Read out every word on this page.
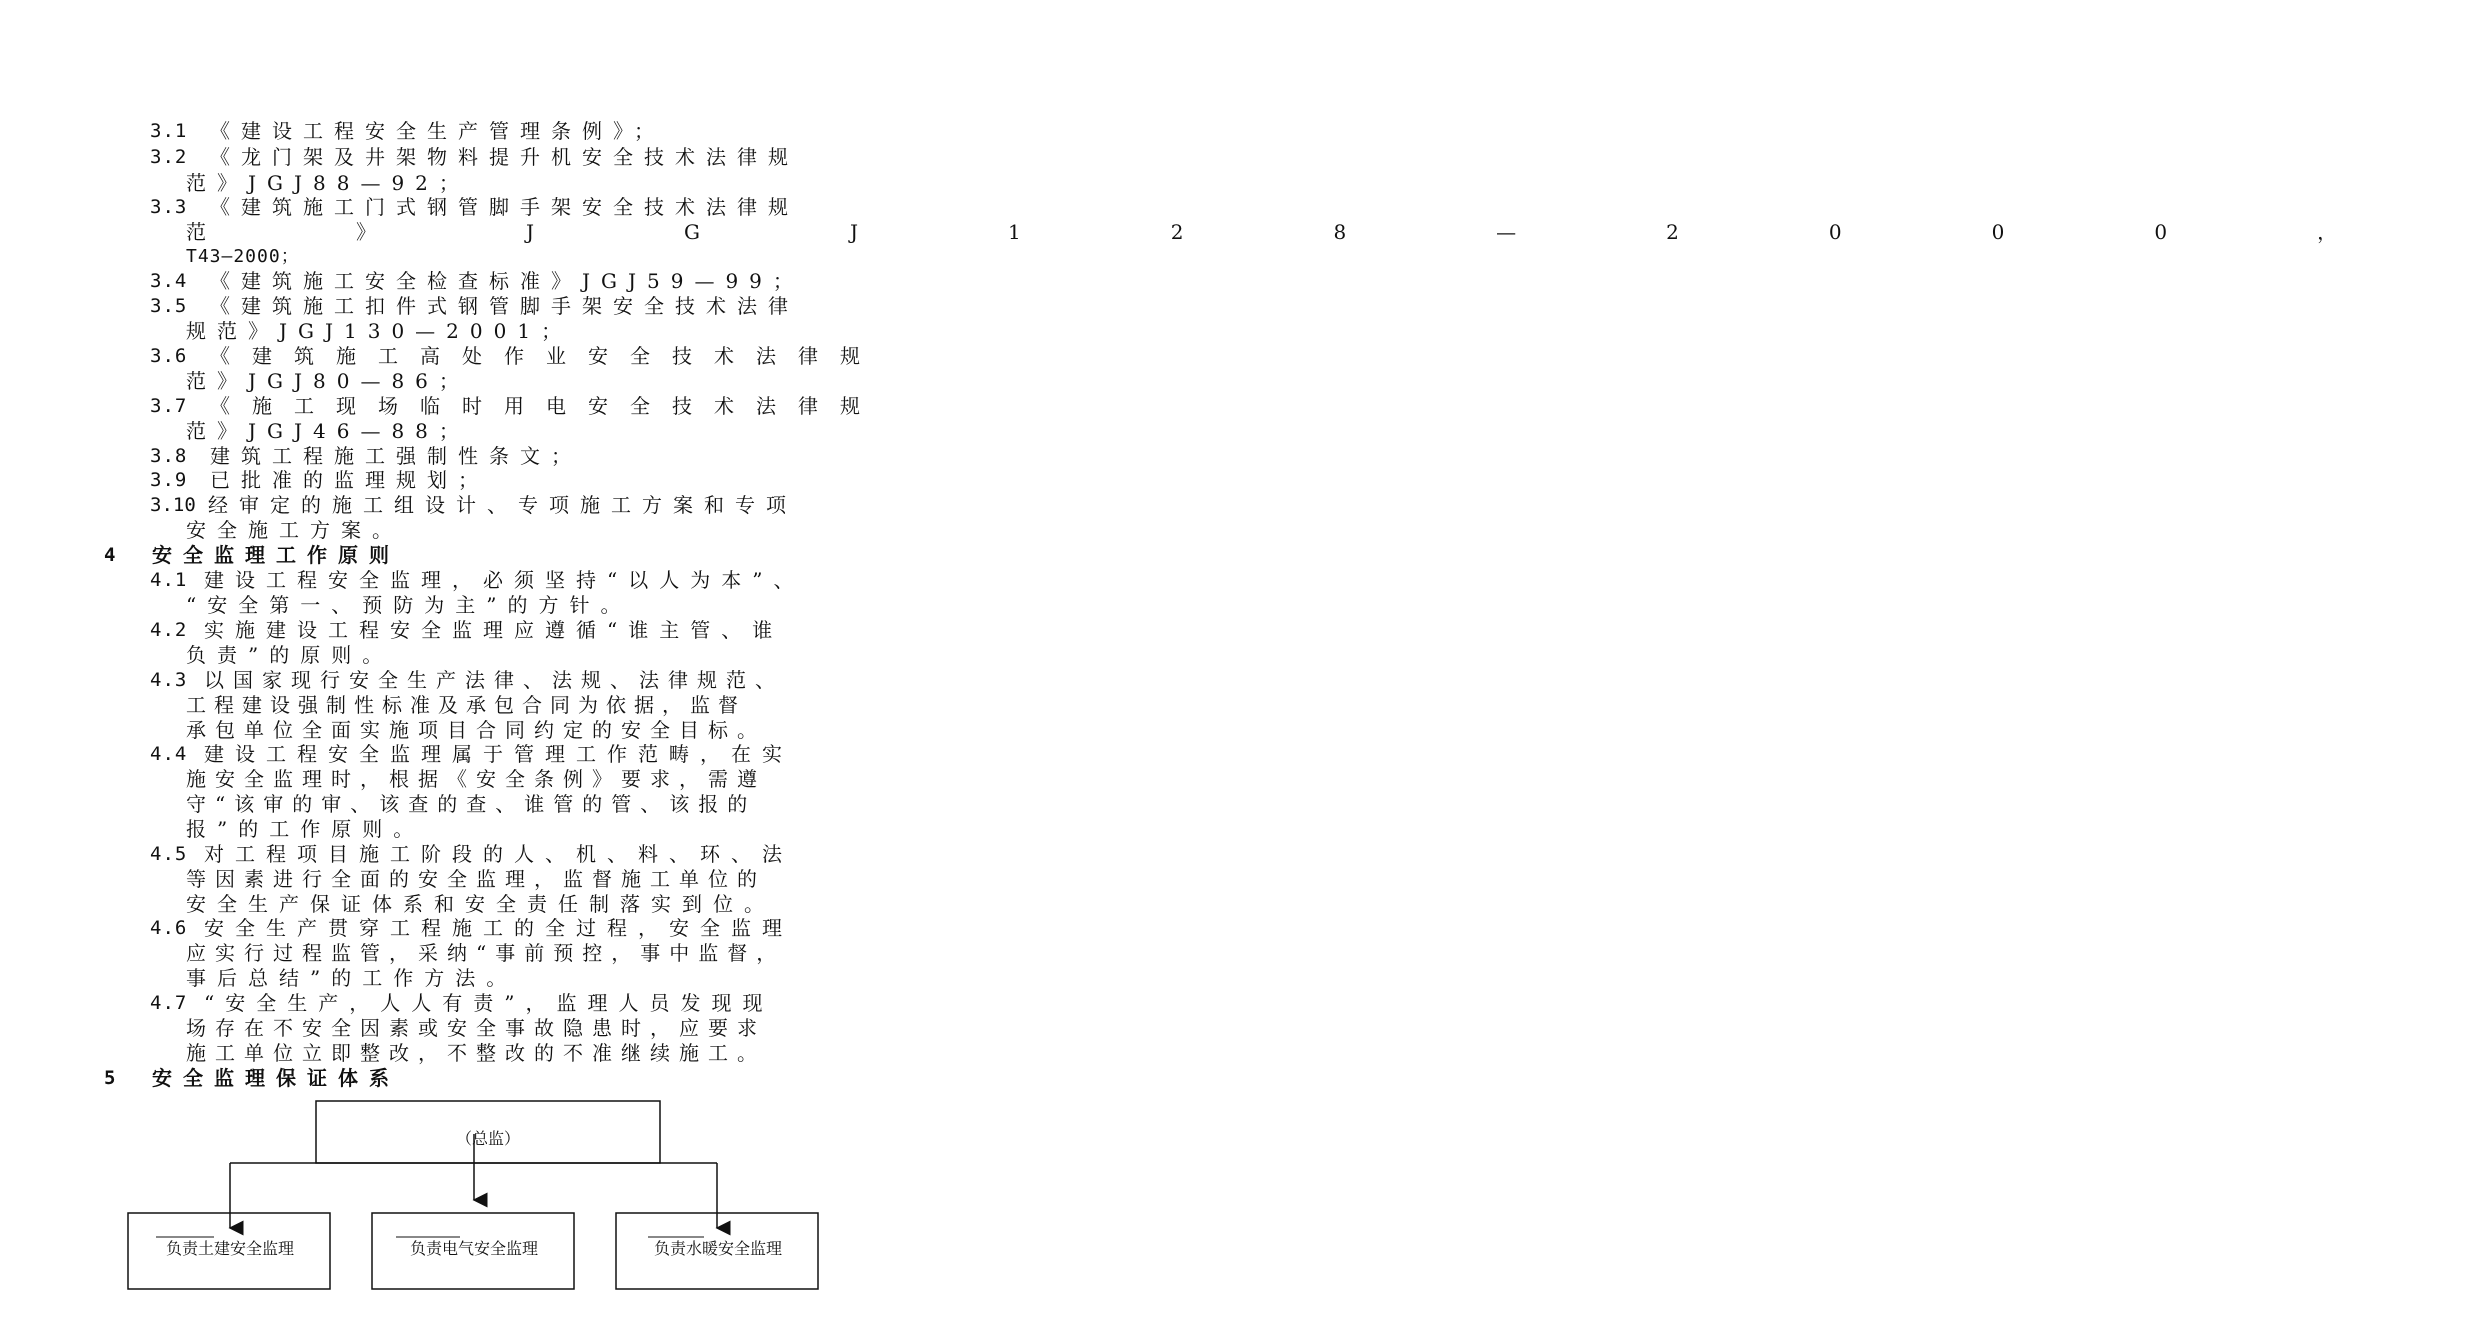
3.1 《建设工程安全生产管理条例》；
3.2 《龙门架及井架物料提升机安全技术法律规
范》JGJ88—92；
3.3 《建筑施工门式钢管脚手架安全技术法律规
范》JGJ128—2000，
T43—2000；
3.4 《建筑施工安全检查标准》JGJ59—99；
3.5 《建筑施工扣件式钢管脚手架安全技术法律
规范》JGJ130—2001；
3.6 《建筑施工高处作业安全技术法律规
范》JGJ80—86；
3.7 《施工现场临时用电安全技术法律规
范》JGJ46—88；
3.8 建筑工程施工强制性条文；
3.9 已批准的监理规划；
3.10 经审定的施工组设计、专项施工方案和专项
安全施工方案。
4 安全监理工作原则
4.1 建设工程安全监理，必须坚持“以人为本”、
“安全第一、预防为主”的方针。
4.2 实施建设工程安全监理应遵循“谁主管、谁
负责”的原则。
4.3 以国家现行安全生产法律、法规、法律规范、
工程建设强制性标准及承包合同为依据，监督
承包单位全面实施项目合同约定的安全目标。
4.4 建设工程安全监理属于管理工作范畴，在实
施安全监理时，根据《安全条例》要求，需遵
守“该审的审、该查的查、谁管的管、该报的
报”的工作原则。
4.5 对工程项目施工阶段的人、机、料、环、法
等因素进行全面的安全监理，监督施工单位的
安全生产保证体系和安全责任制落实到位。
4.6 安全生产贯穿工程施工的全过程，安全监理
应实行过程监管，采纳“事前预控，事中监督，
事后总结”的工作方法。
4.7 “安全生产，人人有责”，监理人员发现现
场存在不安全因素或安全事故隐患时，应要求
施工单位立即整改，不整改的不准继续施工。
5 安全监理保证体系
（总监）
负责土建安全监理	负责电气安全监理	负责水暖安全监理
